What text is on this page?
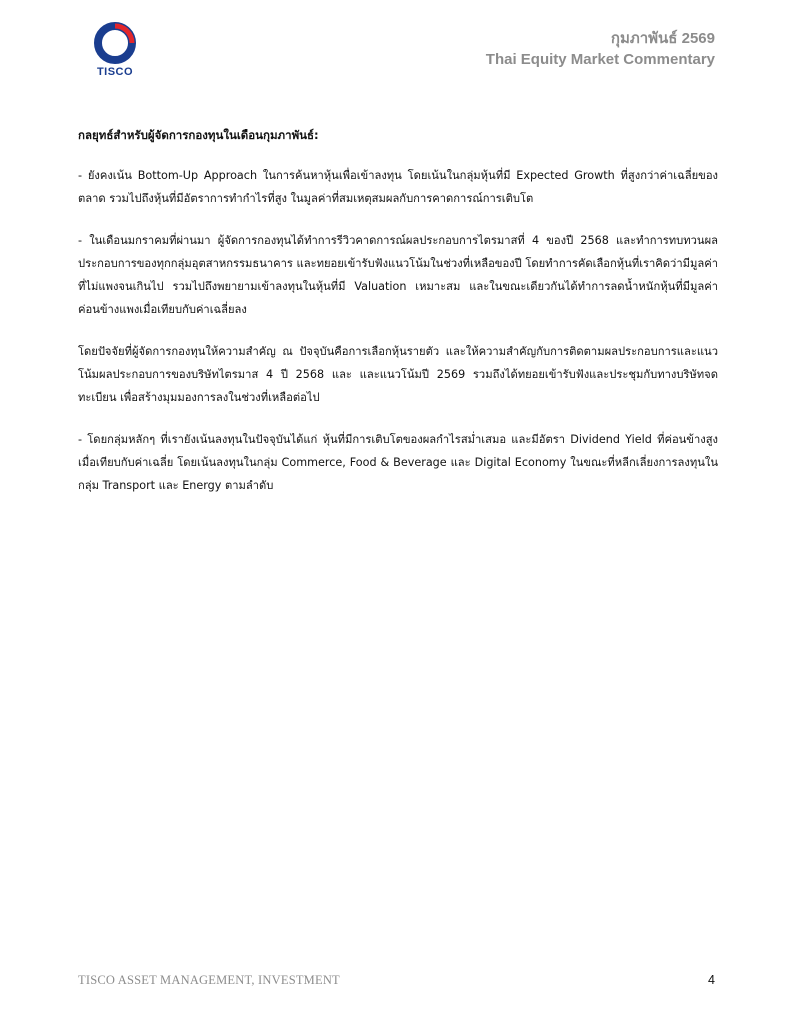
TISCO
กุมภาพันธ์ 2569
Thai Equity Market Commentary
กลยุทธ์สำหรับผู้จัดการกองทุนในเดือนกุมภาพันธ์:

- ยังคงเน้น Bottom-Up Approach ในการค้นหาหุ้นเพื่อเข้าลงทุน โดยเน้นในกลุ่มหุ้นที่มี Expected Growth ที่สูงกว่าค่าเฉลี่ยของตลาด รวมไปถึงหุ้นที่มีอัตราการทำกำไรที่สูง ในมูลค่าที่สมเหตุสมผลกับการคาดการณ์การเติบโต

- ในเดือนมกราคมที่ผ่านมา ผู้จัดการกองทุนได้ทำการรีวิวคาดการณ์ผลประกอบการไตรมาสที่ 4 ของปี 2568 และทำการทบทวนผลประกอบการของทุกกลุ่มอุตสาหกรรมธนาคาร และทยอยเข้ารับฟังแนวโน้มในช่วงที่เหลือของปี โดยทำการคัดเลือกหุ้นที่เราคิดว่ามีมูลค่าที่ไม่แพงจนเกินไป รวมไปถึงพยายามเข้าลงทุนในหุ้นที่มี Valuation เหมาะสม และในขณะเดียวกันได้ทำการลดน้ำหนักหุ้นที่มีมูลค่าค่อนข้างแพงเมื่อเทียบกับค่าเฉลี่ยลง

โดยปัจจัยที่ผู้จัดการกองทุนให้ความสำคัญ ณ ปัจจุบันคือการเลือกหุ้นรายตัว และให้ความสำคัญกับการติดตามผลประกอบการและแนวโน้มผลประกอบการของบริษัทไตรมาส 4 ปี 2568 และ และแนวโน้มปี 2569 รวมถึงได้ทยอยเข้ารับฟังและประชุมกับทางบริษัทจดทะเบียน เพื่อสร้างมุมมองการลงในช่วงที่เหลือต่อไป

- โดยกลุ่มหลักๆ ที่เรายังเน้นลงทุนในปัจจุบันได้แก่ หุ้นที่มีการเติบโตของผลกำไรสม่ำเสมอ และมีอัตรา Dividend Yield ที่ค่อนข้างสูงเมื่อเทียบกับค่าเฉลี่ย โดยเน้นลงทุนในกลุ่ม Commerce, Food & Beverage และ Digital Economy ในขณะที่หลีกเลี่ยงการลงทุนในกลุ่ม Transport และ Energy ตามลำดับ

TISCO ASSET MANAGEMENT, INVESTMENT	4
